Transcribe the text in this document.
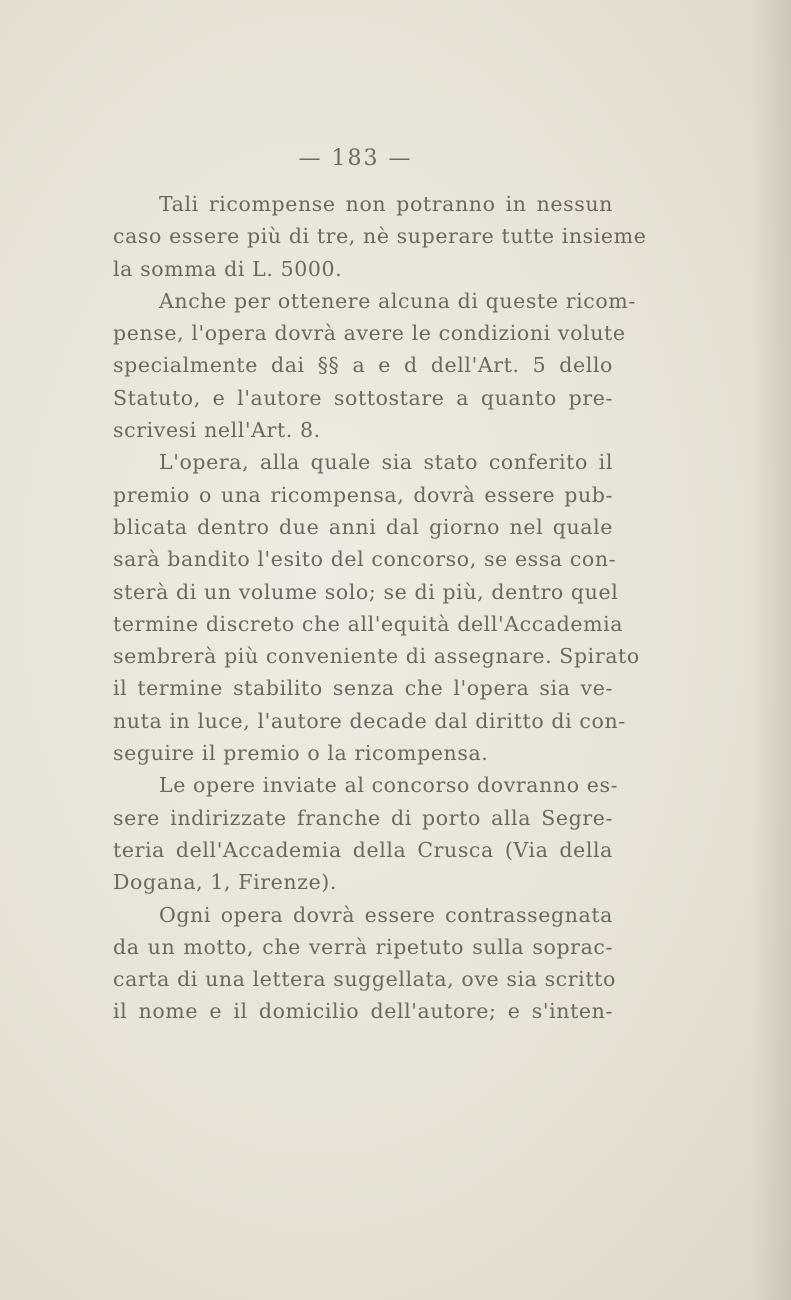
— 183 —
Tali ricompense non potranno in nessun
caso essere più di tre, nè superare tutte insieme
la somma di L. 5000.
Anche per ottenere alcuna di queste ricom-
pense, l'opera dovrà avere le condizioni volute
specialmente dai §§ a e d dell'Art. 5 dello
Statuto, e l'autore sottostare a quanto pre-
scrivesi nell'Art. 8.
L'opera, alla quale sia stato conferito il
premio o una ricompensa, dovrà essere pub-
blicata dentro due anni dal giorno nel quale
sarà bandito l'esito del concorso, se essa con-
sterà di un volume solo; se di più, dentro quel
termine discreto che all'equità dell'Accademia
sembrerà più conveniente di assegnare. Spirato
il termine stabilito senza che l'opera sia ve-
nuta in luce, l'autore decade dal diritto di con-
seguire il premio o la ricompensa.
Le opere inviate al concorso dovranno es-
sere indirizzate franche di porto alla Segre-
teria dell'Accademia della Crusca (Via della
Dogana, 1, Firenze).
Ogni opera dovrà essere contrassegnata
da un motto, che verrà ripetuto sulla soprac-
carta di una lettera suggellata, ove sia scritto
il nome e il domicilio dell'autore; e s'inten-
